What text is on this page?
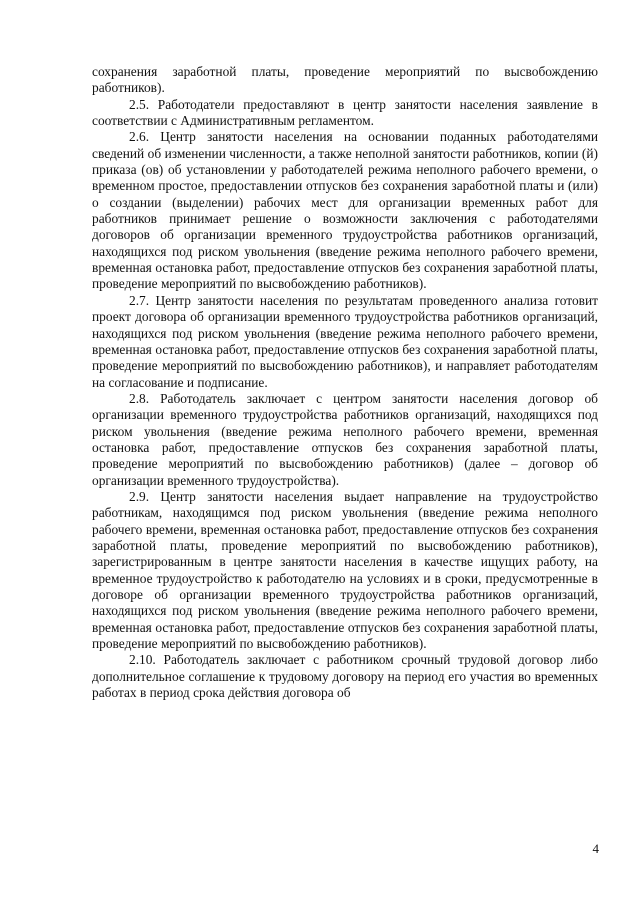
сохранения заработной платы, проведение мероприятий по высвобождению работников).

2.5. Работодатели предоставляют в центр занятости населения заявление в соответствии с Административным регламентом.

2.6. Центр занятости населения на основании поданных работодателями сведений об изменении численности, а также неполной занятости работников, копии (й) приказа (ов) об установлении у работодателей режима неполного рабочего времени, о временном простое, предоставлении отпусков без сохранения заработной платы и (или) о создании (выделении) рабочих мест для организации временных работ для работников принимает решение о возможности заключения с работодателями договоров об организации временного трудоустройства работников организаций, находящихся под риском увольнения (введение режима неполного рабочего времени, временная остановка работ, предоставление отпусков без сохранения заработной платы, проведение мероприятий по высвобождению работников).

2.7. Центр занятости населения по результатам проведенного анализа готовит проект договора об организации временного трудоустройства работников организаций, находящихся под риском увольнения (введение режима неполного рабочего времени, временная остановка работ, предоставление отпусков без сохранения заработной платы, проведение мероприятий по высвобождению работников), и направляет работодателям на согласование и подписание.

2.8. Работодатель заключает с центром занятости населения договор об организации временного трудоустройства работников организаций, находящихся под риском увольнения (введение режима неполного рабочего времени, временная остановка работ, предоставление отпусков без сохранения заработной платы, проведение мероприятий по высвобождению работников) (далее – договор об организации временного трудоустройства).

2.9. Центр занятости населения выдает направление на трудоустройство работникам, находящимся под риском увольнения (введение режима неполного рабочего времени, временная остановка работ, предоставление отпусков без сохранения заработной платы, проведение мероприятий по высвобождению работников), зарегистрированным в центре занятости населения в качестве ищущих работу, на временное трудоустройство к работодателю на условиях и в сроки, предусмотренные в договоре об организации временного трудоустройства работников организаций, находящихся под риском увольнения (введение режима неполного рабочего времени, временная остановка работ, предоставление отпусков без сохранения заработной платы, проведение мероприятий по высвобождению работников).

2.10. Работодатель заключает с работником срочный трудовой договор либо дополнительное соглашение к трудовому договору на период его участия во временных работах в период срока действия договора об

4
